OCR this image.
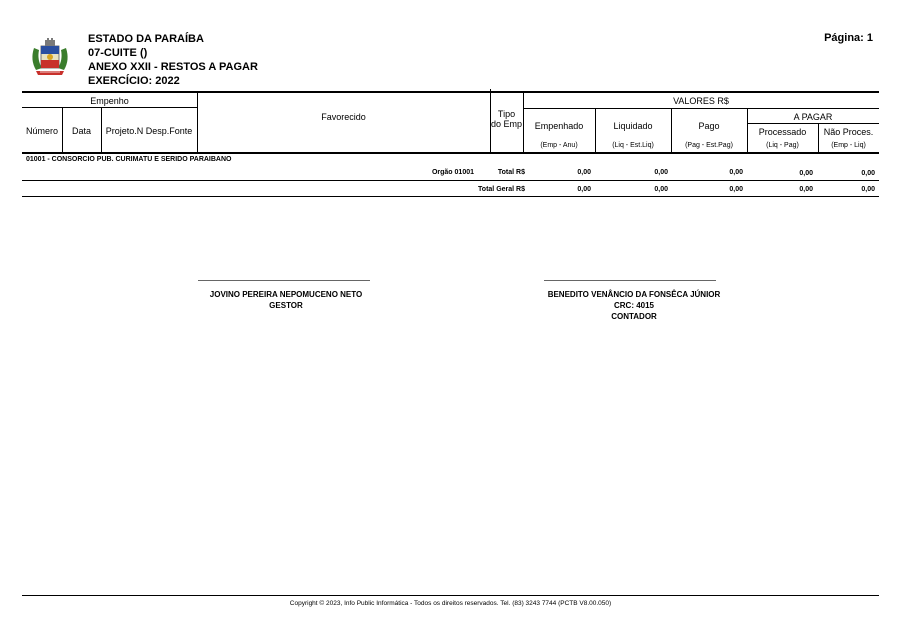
ESTADO DA PARAÍBA
07-CUITE ()
ANEXO XXII - RESTOS A PAGAR
EXERCÍCIO: 2022
Página: 1
Empenho
Número	Data	Projeto.N Desp.Fonte
Favorecido	Tipo
do Emp
VALORES R$
A PAGAR
Empenhado	Liquidado	Pago
Processado	Não Proces.
(Emp - Anu)	(Liq - Est.Liq)	(Pag - Est.Pag)	(Liq - Pag)	(Emp - Liq)
01001 - CONSORCIO PUB. CURIMATU E SERIDO PARAIBANO
Orgão 01001	Total R$	0,00	0,00	0,00	0,00	0,00
Total Geral R$	0,00	0,00	0,00	0,00	0,00
JOVINO PEREIRA NEPOMUCENO NETO
GESTOR
BENEDITO VENÂNCIO DA FONSÊCA JÚNIOR
CRC: 4015
CONTADOR
Copyright © 2023, Info Public Informática - Todos os direitos reservados. Tel. (83) 3243 7744 (PCTB V8.00.050)
